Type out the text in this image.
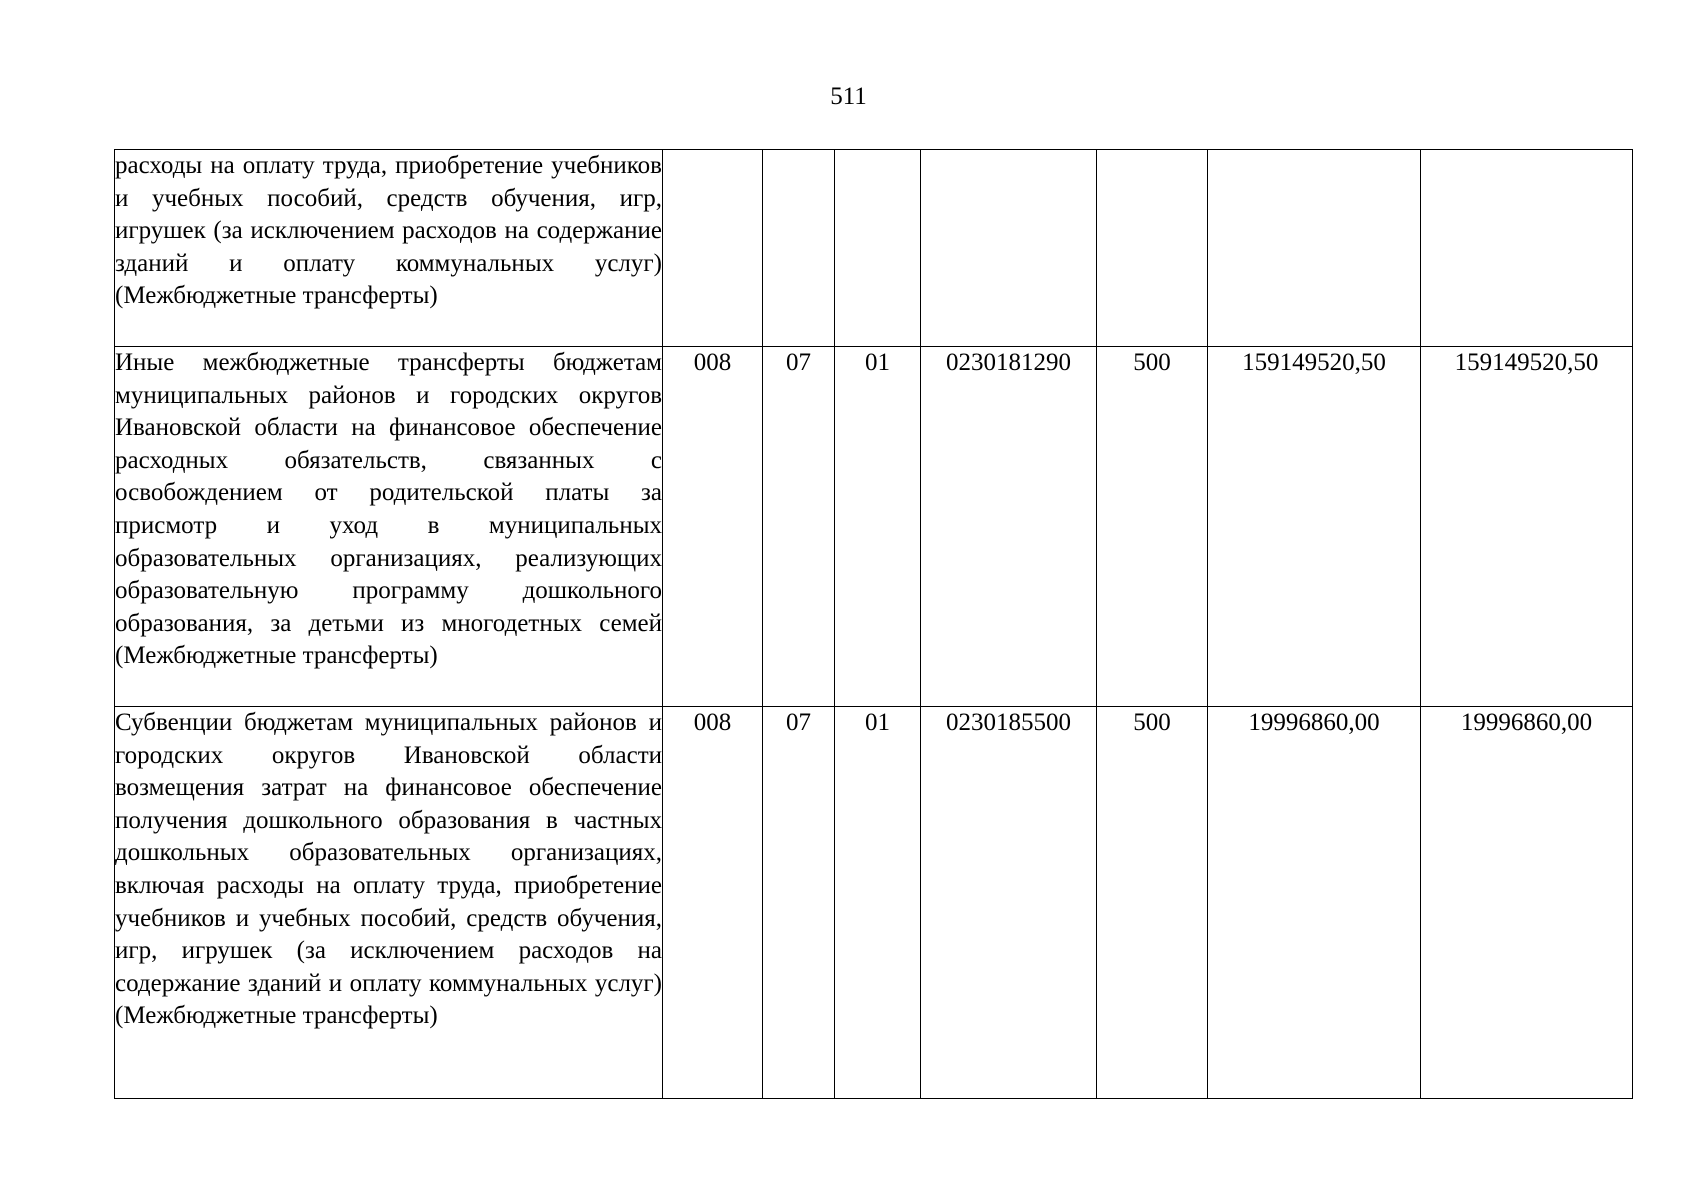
511
расходы на оплату труда, приобретение учебников и учебных пособий, средств обучения, игр, игрушек (за исключением расходов на содержание зданий и оплату коммунальных услуг) (Межбюджетные трансферты)							

Иные межбюджетные трансферты бюджетам муниципальных районов и городских округов Ивановской области на финансовое обеспечение расходных обязательств, связанных с освобождением от родительской платы за присмотр и уход в муниципальных образовательных организациях, реализующих образовательную программу дошкольного образования, за детьми из многодетных семей (Межбюджетные трансферты)	008	07	01	0230181290	500	159149520,50	159149520,50

Субвенции бюджетам муниципальных районов и городских округов Ивановской области возмещения затрат на финансовое обеспечение получения дошкольного образования в частных дошкольных образовательных организациях, включая расходы на оплату труда, приобретение учебников и учебных пособий, средств обучения, игр, игрушек (за исключением расходов на содержание зданий и оплату коммунальных услуг) (Межбюджетные трансферты)	008	07	01	0230185500	500	19996860,00	19996860,00
